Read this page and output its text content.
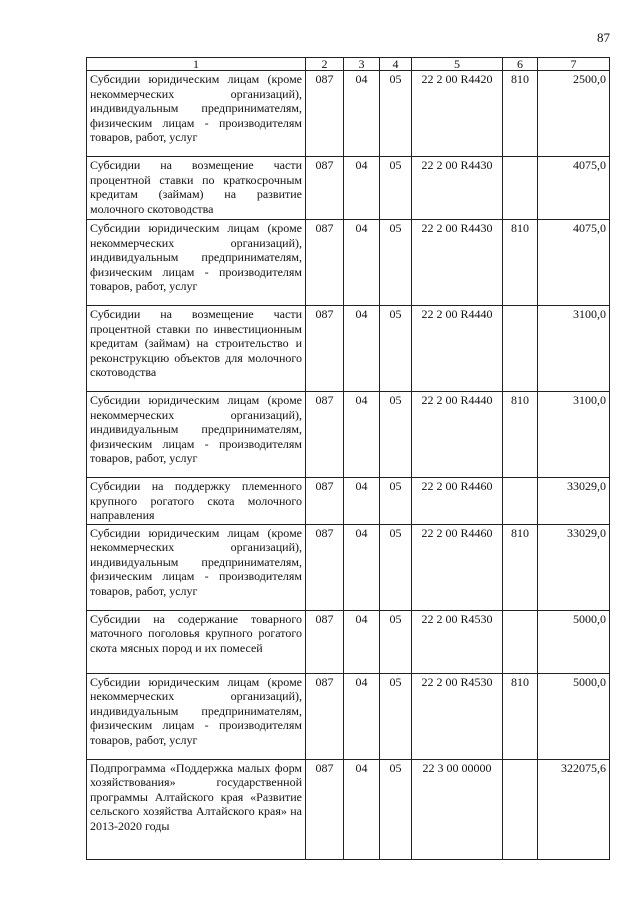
87
1	2	3	4	5	6	7
Субсидии юридическим лицам (кроме некоммерческих организаций), индивидуальным предпринимателям, физическим лицам - производителям товаров, работ, услуг	087	04	05	22 2 00 R4420	810	2500,0
Субсидии на возмещение части процентной ставки по краткосрочным кредитам (займам) на развитие молочного скотоводства	087	04	05	22 2 00 R4430		4075,0
Субсидии юридическим лицам (кроме некоммерческих организаций), индивидуальным предпринимателям, физическим лицам - производителям товаров, работ, услуг	087	04	05	22 2 00 R4430	810	4075,0
Субсидии на возмещение части процентной ставки по инвестиционным кредитам (займам) на строительство и реконструкцию объектов для молочного скотоводства	087	04	05	22 2 00 R4440		3100,0
Субсидии юридическим лицам (кроме некоммерческих организаций), индивидуальным предпринимателям, физическим лицам - производителям товаров, работ, услуг	087	04	05	22 2 00 R4440	810	3100,0
Субсидии на поддержку племенного крупного рогатого скота молочного направления	087	04	05	22 2 00 R4460		33029,0
Субсидии юридическим лицам (кроме некоммерческих организаций), индивидуальным предпринимателям, физическим лицам - производителям товаров, работ, услуг	087	04	05	22 2 00 R4460	810	33029,0
Субсидии на содержание товарного маточного поголовья крупного рогатого скота мясных пород и их помесей	087	04	05	22 2 00 R4530		5000,0
Субсидии юридическим лицам (кроме некоммерческих организаций), индивидуальным предпринимателям, физическим лицам - производителям товаров, работ, услуг	087	04	05	22 2 00 R4530	810	5000,0
Подпрограмма «Поддержка малых форм хозяйствования» государственной программы Алтайского края «Развитие сельского хозяйства Алтайского края» на 2013-2020 годы	087	04	05	22 3 00 00000		322075,6
